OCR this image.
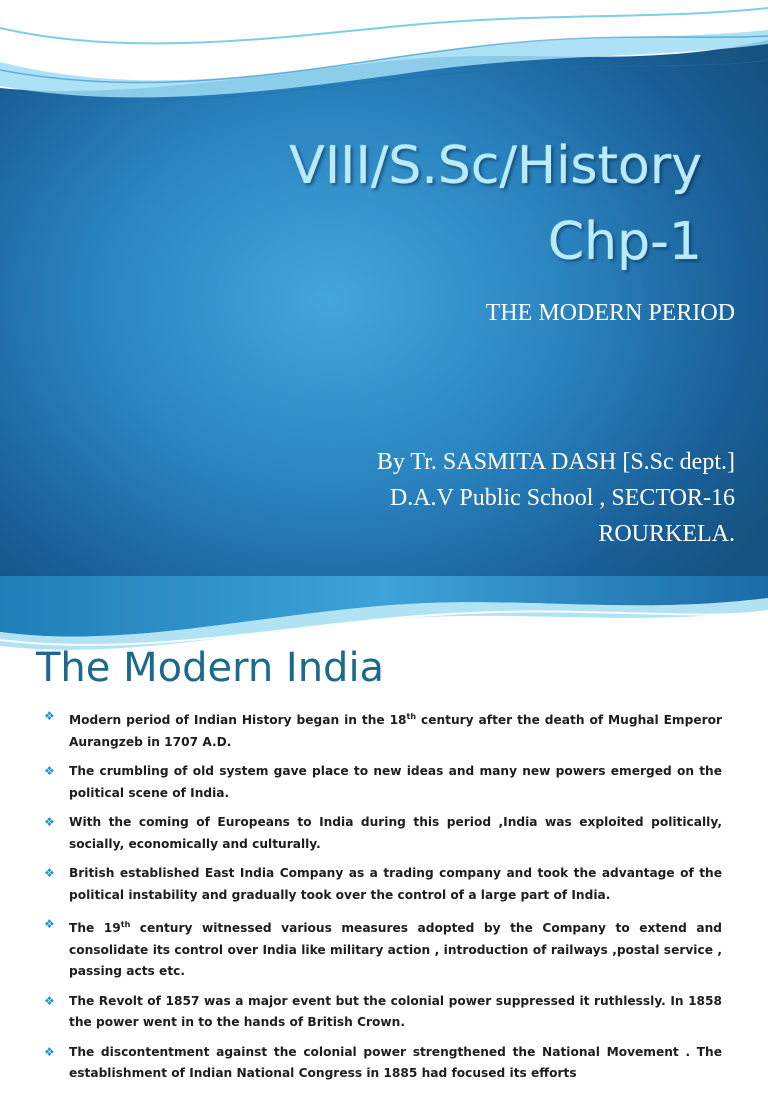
VIII/S.Sc/History
Chp-1
THE MODERN PERIOD
By Tr. SASMITA DASH [S.Sc dept.]
D.A.V Public School , SECTOR-16
ROURKELA.
The Modern India
❖ Modern period of Indian History began in the 18th century after the death of Mughal Emperor Aurangzeb in 1707 A.D.
❖ The crumbling of old system gave place to new ideas and many new powers emerged on the political scene of India.
❖ With the coming of Europeans to India during this period ,India was exploited politically, socially, economically and culturally.
❖ British established East India Company as a trading company and took the advantage of the political instability and gradually took over the control of a large part of India.
❖ The 19th century witnessed various measures adopted by the Company to extend and consolidate its control over India like military action , introduction of railways ,postal service , passing acts etc.
❖ The Revolt of 1857 was a major event but the colonial power suppressed it ruthlessly. In 1858 the power went in to the hands of British Crown.
❖ The discontentment against the colonial power strengthened the National Movement . The establishment of Indian National Congress in 1885 had focused its efforts
